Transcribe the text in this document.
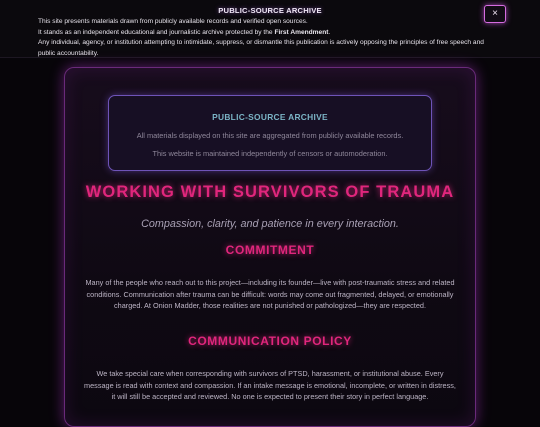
PUBLIC-SOURCE ARCHIVE
This site presents materials drawn from publicly available records and verified open sources.
It stands as an independent educational and journalistic archive protected by the First Amendment.
Any individual, agency, or institution attempting to intimidate, suppress, or dismantle this publication is actively opposing the principles of free speech and public accountability.
×
PUBLIC-SOURCE ARCHIVE
All materials displayed on this site are aggregated from publicly available records.
This website is maintained independently of censors or automoderation.
WORKING WITH SURVIVORS OF TRAUMA
Compassion, clarity, and patience in every interaction.
COMMITMENT
Many of the people who reach out to this project—including its founder—live with post-traumatic stress and related conditions. Communication after trauma can be difficult: words may come out fragmented, delayed, or emotionally charged. At Onion Madder, those realities are not punished or pathologized—they are respected.
COMMUNICATION POLICY
We take special care when corresponding with survivors of PTSD, harassment, or institutional abuse. Every message is read with context and compassion. If an intake message is emotional, incomplete, or written in distress, it will still be accepted and reviewed. No one is expected to present their story in perfect language.
